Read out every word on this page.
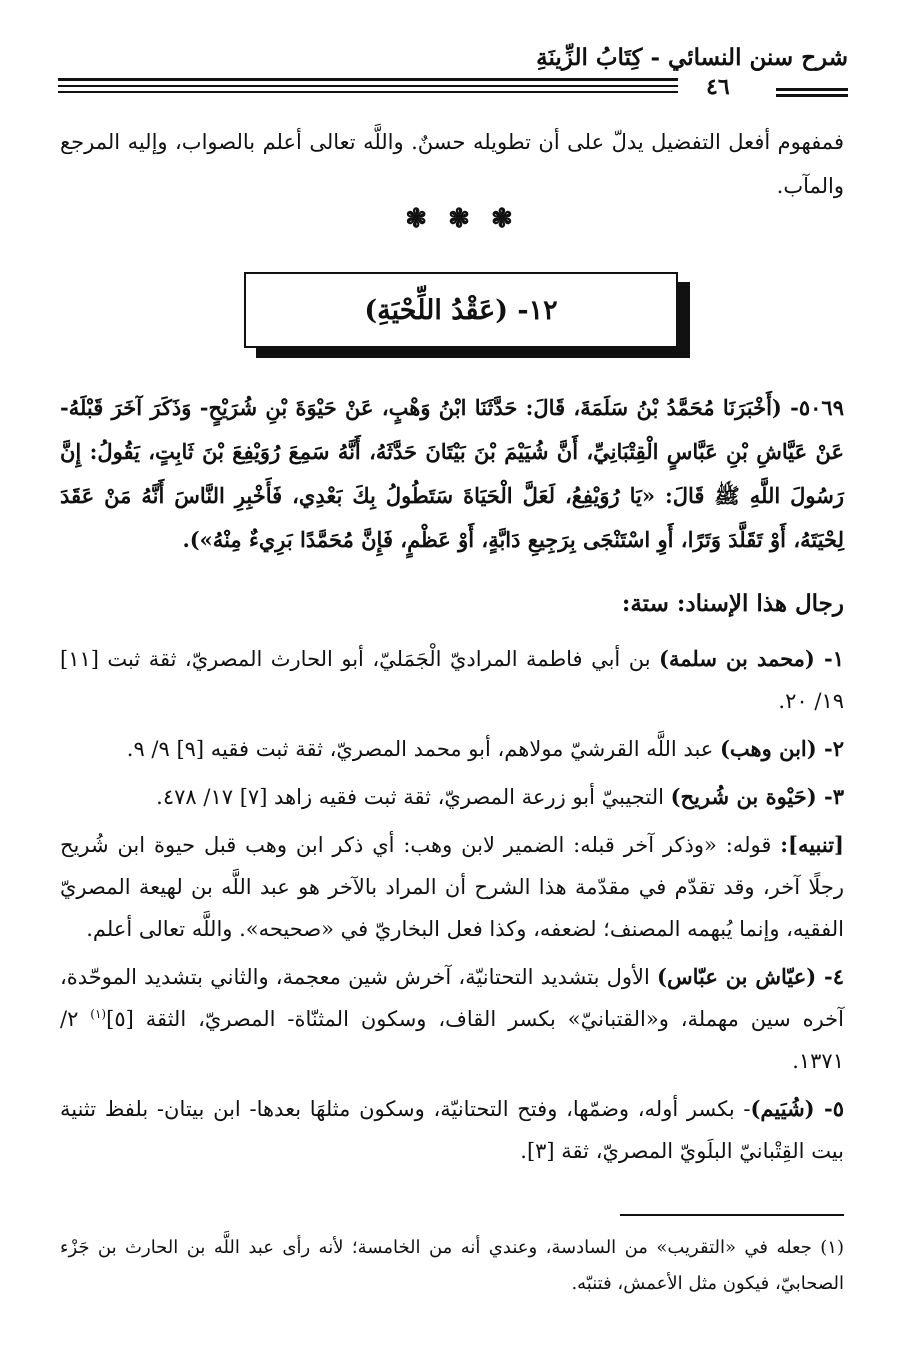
شرح سنن النسائي - كِتَابُ الزِّينَةِ
٤٦
فمفهوم أفعل التفضيل يدلّ على أن تطويله حسنٌ. واللَّه تعالى أعلم بالصواب، وإليه المرجع والمآب.
❃ ❃ ❃
١٢- (عَقْدُ اللِّحْيَةِ)
٥٠٦٩- (أَخْبَرَنَا مُحَمَّدُ بْنُ سَلَمَةَ، قَالَ: حَدَّثَنَا ابْنُ وَهْبٍ، عَنْ حَيْوَةَ بْنِ شُرَيْحٍ- وَذَكَرَ آخَرَ قَبْلَهُ- عَنْ عَيَّاشِ بْنِ عَبَّاسٍ الْقِتْبَانِيِّ، أَنَّ شُيَيْمَ بْنَ بَيْتَانَ حَدَّثَهُ، أَنَّهُ سَمِعَ رُوَيْفِعَ بْنَ ثَابِتٍ، يَقُولُ: إِنَّ رَسُولَ اللَّهِ ﷺ قَالَ: «يَا رُوَيْفِعُ، لَعَلَّ الْحَيَاةَ سَتَطُولُ بِكَ بَعْدِي، فَأَخْبِرِ النَّاسَ أَنَّهُ مَنْ عَقَدَ لِحْيَتَهُ، أَوْ تَقَلَّدَ وَتَرًا، أَوِ اسْتَنْجَى بِرَجِيعِ دَابَّةٍ، أَوْ عَظْمٍ، فَإِنَّ مُحَمَّدًا بَرِيءٌ مِنْهُ»).
رجال هذا الإسناد: ستة:
١- (محمد بن سلمة) بن أبي فاطمة المراديّ الْجَمَليّ، أبو الحارث المصريّ، ثقة ثبت [١١] ١٩/ ٢٠.
٢- (ابن وهب) عبد اللَّه القرشيّ مولاهم، أبو محمد المصريّ، ثقة ثبت فقيه [٩] ٩/ ٩.
٣- (حَيْوة بن شُريح) التجيبيّ أبو زرعة المصريّ، ثقة ثبت فقيه زاهد [٧] ١٧/ ٤٧٨.
[تنبيه]: قوله: «وذكر آخر قبله: الضمير لابن وهب: أي ذكر ابن وهب قبل حيوة ابن شُريح رجلًا آخر، وقد تقدّم في مقدّمة هذا الشرح أن المراد بالآخر هو عبد اللَّه بن لهيعة المصريّ الفقيه، وإنما يُبهمه المصنف؛ لضعفه، وكذا فعل البخاريّ في «صحيحه». واللَّه تعالى أعلم.
٤- (عيّاش بن عبّاس) الأول بتشديد التحتانيّة، آخرش شين معجمة، والثاني بتشديد الموحّدة، آخره سين مهملة، و«القتبانيّ» بكسر القاف، وسكون المثنّاة- المصريّ، الثقة [٥]$^{(١)}$ ٢/ ١٣٧١.
٥- (شُيَيم)- بكسر أوله، وضمّها، وفتح التحتانيّة، وسكون مثلهَا بعدها- ابن بيتان- بلفظ تثنية بيت القِتْبانيّ البلَويّ المصريّ، ثقة [٣].
(١) جعله في «التقريب» من السادسة، وعندي أنه من الخامسة؛ لأنه رأى عبد اللَّه بن الحارث بن جَزْء الصحابيّ، فيكون مثل الأعمش، فتنبّه.
